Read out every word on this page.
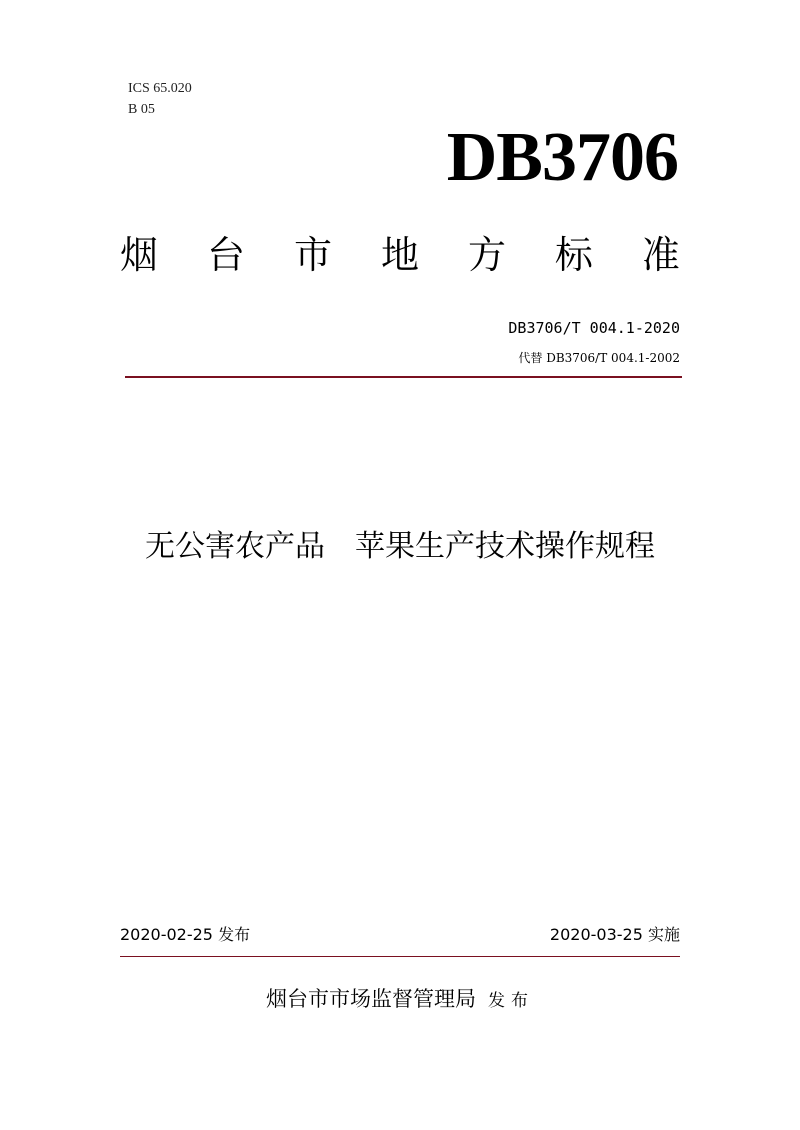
ICS 65.020
B 05
DB3706
烟 台 市 地 方 标 准
DB3706/T 004.1-2020
代替 DB3706/T 004.1-2002
无公害农产品　苹果生产技术操作规程
2020-02-25 发布	2020-03-25 实施
烟台市市场监督管理局 发布
